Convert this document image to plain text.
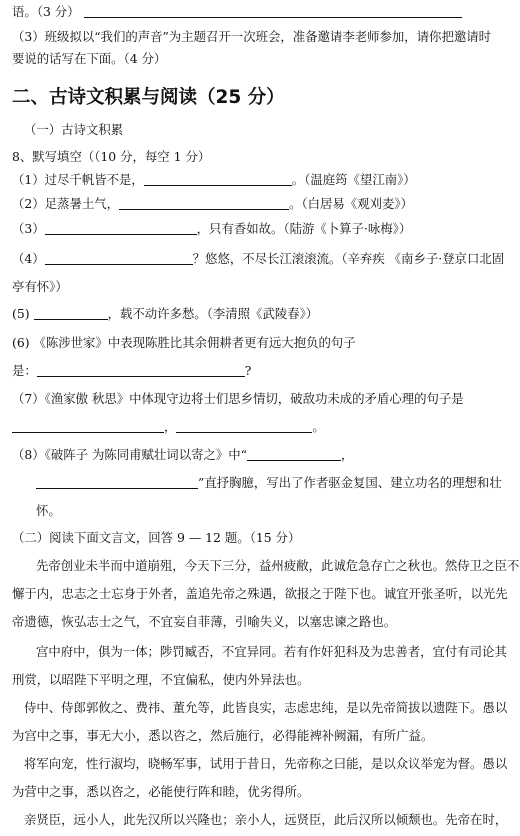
语。（3 分）
（3）班级拟以“我们的声音”为主题召开一次班会，准备邀请李老师参加，请你把邀请时
要说的话写在下面。（4 分）
二、古诗文积累与阅读（25 分）
（一）古诗文积累
8、默写填空（（10 分，每空 1 分）
（1）过尽千帆皆不是，	。（温庭筠《望江南》）
（2）足蒸暑土气，	。（白居易《观刈麦》）
（3）	，只有香如故。（陆游《卜算子·咏梅》）
（4）	？悠悠，不尽长江滚滚流。（辛弃疾 《南乡子·登京口北固
亭有怀》）
(5)	，载不动许多愁。（李清照《武陵春》）
(6) 《陈涉世家》中表现陈胜比其余佣耕者更有远大抱负的句子
是：	?
（7）《渔家傲 秋思》中体现守边将士们思乡情切，破敌功未成的矛盾心理的句子是
，	。
（8）《破阵子 为陈同甫赋壮词以寄之》中“	，
”直抒胸臆，写出了作者驱金复国、建立功名的理想和壮
怀。
（二）阅读下面文言文，回答 9 — 12 题。（15 分）
先帝创业未半而中道崩殂，今天下三分，益州疲敝，此诚危急存亡之秋也。然侍卫之臣不
懈于内，忠志之士忘身于外者，盖追先帝之殊遇，欲报之于陛下也。诚宜开张圣听，以光先
帝遗德，恢弘志士之气，不宜妄自菲薄，引喻失义，以塞忠谏之路也。
宫中府中，俱为一体；陟罚臧否，不宜异同。若有作奸犯科及为忠善者，宜付有司论其
刑赏，以昭陛下平明之理，不宜偏私，使内外异法也。
侍中、侍郎郭攸之、费祎、董允等，此皆良实，志虑忠纯，是以先帝简拔以遗陛下。愚以
为宫中之事，事无大小，悉以咨之，然后施行，必得能裨补阙漏，有所广益。
将军向宠，性行淑均，晓畅军事，试用于昔日，先帝称之曰能，是以众议举宠为督。愚以
为营中之事，悉以咨之，必能使行阵和睦，优劣得所。
亲贤臣，远小人，此先汉所以兴隆也；亲小人，远贤臣，此后汉所以倾颓也。先帝在时，
